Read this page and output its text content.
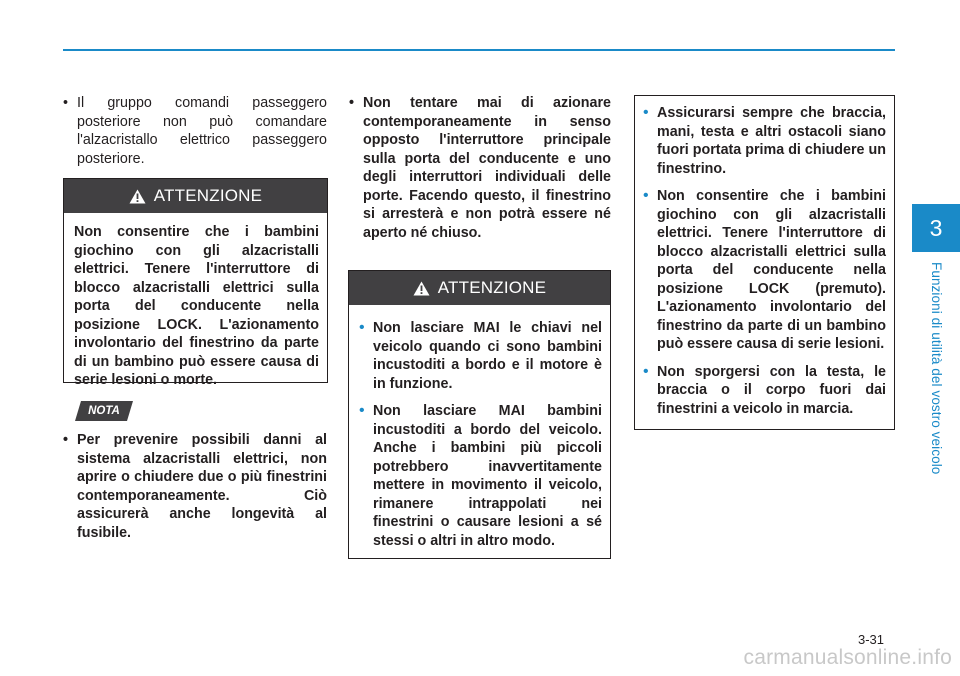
3
Funzioni di utilità del vostro veicolo
• Il gruppo comandi passeggero posteriore non può comandare l'alzacristallo elettrico passeggero posteriore.

ATTENZIONE

Non consentire che i bambini giochino con gli alzacristalli elettrici. Tenere l'interruttore di blocco alzacristalli elettrici sulla porta del conducente nella posizione LOCK. L'azionamento involontario del finestrino da parte di un bambino può essere causa di serie lesioni o morte.

NOTA
• Per prevenire possibili danni al sistema alzacristalli elettrici, non aprire o chiudere due o più finestrini contemporaneamente. Ciò assicurerà anche longevità al fusibile.

• Non tentare mai di azionare contemporaneamente in senso opposto l'interruttore principale sulla porta del conducente e uno degli interruttori individuali delle porte. Facendo questo, il finestrino si arresterà e non potrà essere né aperto né chiuso.

ATTENZIONE
• Non lasciare MAI le chiavi nel veicolo quando ci sono bambini incustoditi a bordo e il motore è in funzione.

• Non lasciare MAI bambini incustoditi a bordo del veicolo. Anche i bambini più piccoli potrebbero inavvertitamente mettere in movimento il veicolo, rimanere intrappolati nei finestrini o causare lesioni a sé stessi o altri in altro modo.

• Assicurarsi sempre che braccia, mani, testa e altri ostacoli siano fuori portata prima di chiudere un finestrino.

• Non consentire che i bambini giochino con gli alzacristalli elettrici. Tenere l'interruttore di blocco alzacristalli elettrici sulla porta del conducente nella posizione LOCK (premuto). L'azionamento involontario del finestrino da parte di un bambino può essere causa di serie lesioni.

• Non sporgersi con la testa, le braccia o il corpo fuori dai finestrini a veicolo in marcia.

3-31
carmanualsonline.info
